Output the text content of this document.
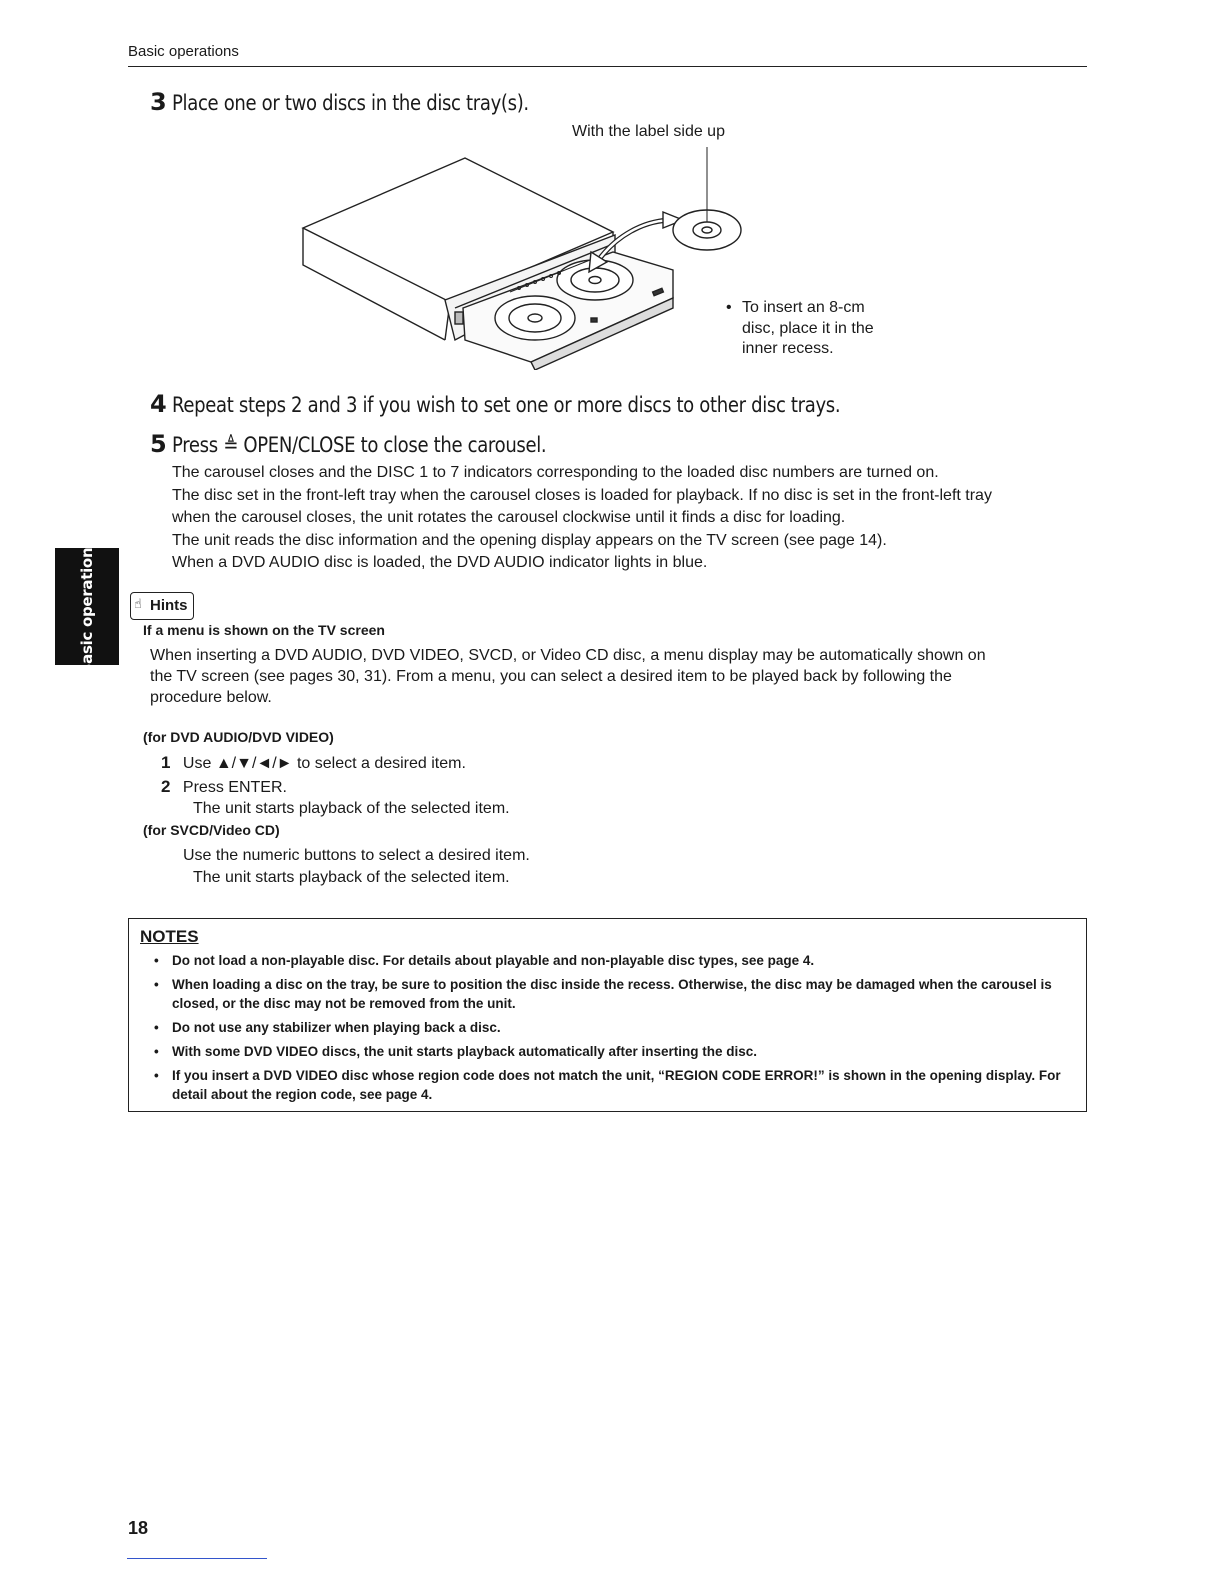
Basic operations
3 Place one or two discs in the disc tray(s).
With the label side up
• To insert an 8-cm
disc, place it in the
inner recess.
4 Repeat steps 2 and 3 if you wish to set one or more discs to other disc trays.
5 Press ≜ OPEN/CLOSE to close the carousel.

The carousel closes and the DISC 1 to 7 indicators corresponding to the loaded disc numbers are turned on.

The disc set in the front-left tray when the carousel closes is loaded for playback. If no disc is set in the front-left tray

when the carousel closes, the unit rotates the carousel clockwise until it finds a disc for loading.

The unit reads the disc information and the opening display appears on the TV screen (see page 14).

When a DVD AUDIO disc is loaded, the DVD AUDIO indicator lights in blue.

Basic operations	☝ Hints
If a menu is shown on the TV screen
When inserting a DVD AUDIO, DVD VIDEO, SVCD, or Video CD disc, a menu display may be automatically shown on
the TV screen (see pages 30, 31). From a menu, you can select a desired item to be played back by following the
procedure below.
(for DVD AUDIO/DVD VIDEO)
1 Use ▲/▼/◄/► to select a desired item.
2 Press ENTER.
The unit starts playback of the selected item.
(for SVCD/Video CD)
Use the numeric buttons to select a desired item.
The unit starts playback of the selected item.
NOTES
• Do not load a non-playable disc. For details about playable and non-playable disc types, see page 4.
• When loading a disc on the tray, be sure to position the disc inside the recess. Otherwise, the disc may be damaged when the carousel is closed, or the disc may not be removed from the unit.
• Do not use any stabilizer when playing back a disc.
• With some DVD VIDEO discs, the unit starts playback automatically after inserting the disc.
• If you insert a DVD VIDEO disc whose region code does not match the unit, “REGION CODE ERROR!” is shown in the opening display. For detail about the region code, see page 4.
18
